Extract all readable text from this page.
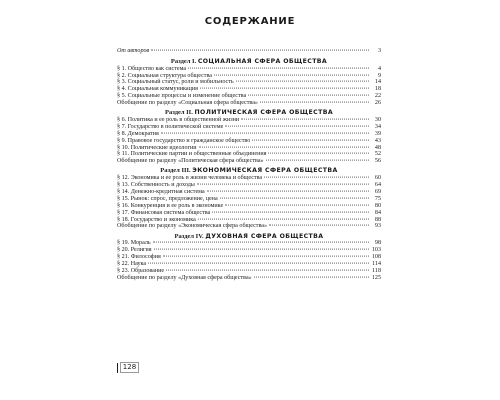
СОДЕРЖАНИЕ
От авторов	3
Раздел I. СОЦИАЛЬНАЯ СФЕРА ОБЩЕСТВА
§ 1. Общество как система	4
§ 2. Социальная структура общества	9
§ 3. Социальный статус, роли и мобильность	14
§ 4. Социальная коммуникация	18
§ 5. Социальные процессы и изменение общества	22
Обобщение по разделу «Социальная сфера общества»	26
Раздел II. ПОЛИТИЧЕСКАЯ СФЕРА ОБЩЕСТВА
§ 6. Политика и ее роль в общественной жизни	30
§ 7. Государство в политической системе	34
§ 8. Демократия	39
§ 9. Правовое государство и гражданское общество	43
§ 10. Политические идеологии	48
§ 11. Политические партии и общественные объединения	52
Обобщение по разделу «Политическая сфера общества»	56
Раздел III. ЭКОНОМИЧЕСКАЯ СФЕРА ОБЩЕСТВА
§ 12. Экономика и ее роль в жизни человека и общества	60
§ 13. Собственность и доходы	64
§ 14. Денежно-кредитная система	69
§ 15. Рынок: спрос, предложение, цена	75
§ 16. Конкуренция и ее роль в экономике	80
§ 17. Финансовая система общества	84
§ 18. Государство и экономика	88
Обобщение по разделу «Экономическая сфера общества»	93
Раздел IV. ДУХОВНАЯ СФЕРА ОБЩЕСТВА
§ 19. Мораль	98
§ 20. Религия	103
§ 21. Философия	108
§ 22. Наука	114
§ 23. Образование	118
Обобщение по разделу «Духовная сфера общества»	125
128
